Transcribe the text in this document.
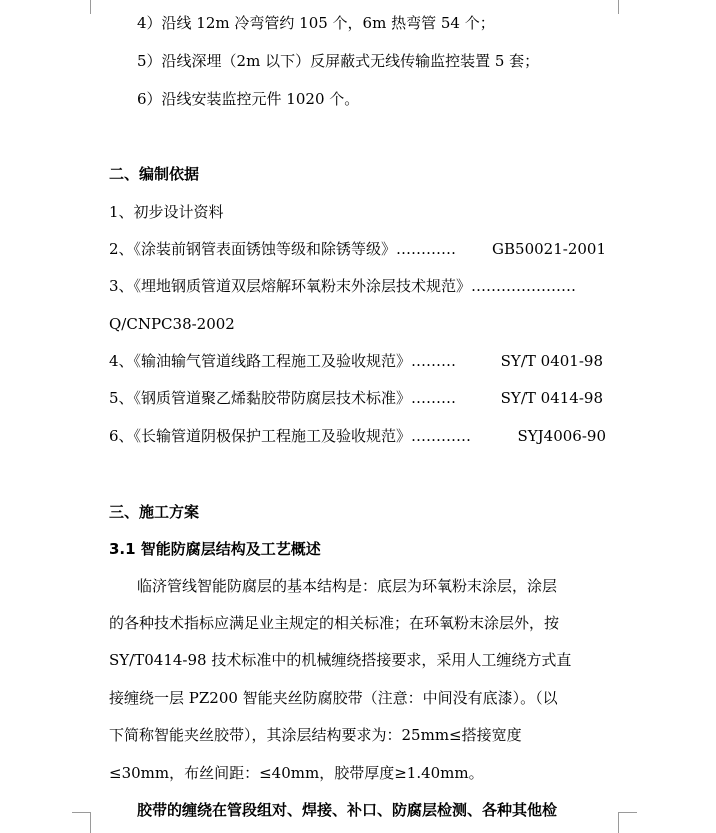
4）沿线 12m 冷弯管约 105 个，6m 热弯管 54 个；
5）沿线深埋（2m 以下）反屏蔽式无线传输监控装置 5 套；
6）沿线安装监控元件 1020 个。
二、编制依据
1、初步设计资料
2、《涂装前钢管表面锈蚀等级和除锈等级》………… GB50021-2001
3、《埋地钢质管道双层熔解环氧粉末外涂层技术规范》…………………
Q/CNPC38-2002
4、《输油输气管道线路工程施工及验收规范》………	SY/T 0401-98
5、《钢质管道聚乙烯黏胶带防腐层技术标准》………	SY/T 0414-98
6、《长输管道阴极保护工程施工及验收规范》…………	SYJ4006-90
三、施工方案
3.1 智能防腐层结构及工艺概述
临济管线智能防腐层的基本结构是：底层为环氧粉末涂层，涂层
的各种技术指标应满足业主规定的相关标准；在环氧粉末涂层外，按
SY/T0414-98 技术标准中的机械缠绕搭接要求，采用人工缠绕方式直
接缠绕一层 PZ200 智能夹丝防腐胶带（注意：中间没有底漆）。（以
下简称智能夹丝胶带），其涂层结构要求为：25mm≤搭接宽度
≤30mm，布丝间距：≤40mm，胶带厚度≥1.40mm。
胶带的缠绕在管段组对、焊接、补口、防腐层检测、各种其他检
